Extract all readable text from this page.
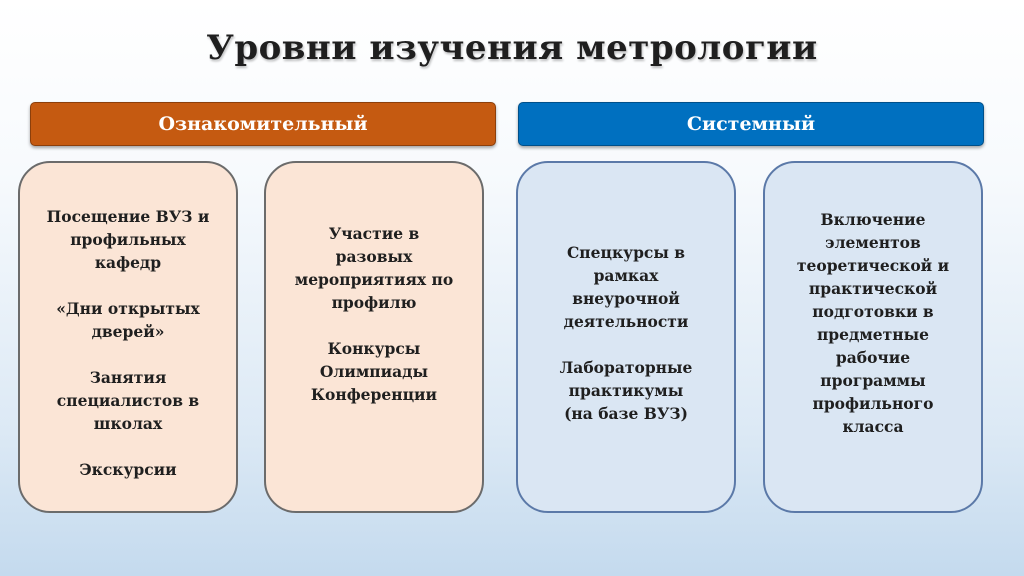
Уровни изучения метрологии
Ознакомительный	Системный
Посещение ВУЗ и
профильных
кафедр
«Дни открытых
дверей»
Занятия
специалистов в
школах
Экскурсии
Участие в
разовых
мероприятиях по
профилю
Конкурсы
Олимпиады
Конференции
Спецкурсы в
рамках
внеурочной
деятельности
Лабораторные
практикумы
(на базе ВУЗ)
Включение
элементов
теоретической и
практической
подготовки в
предметные
рабочие
программы
профильного
класса
